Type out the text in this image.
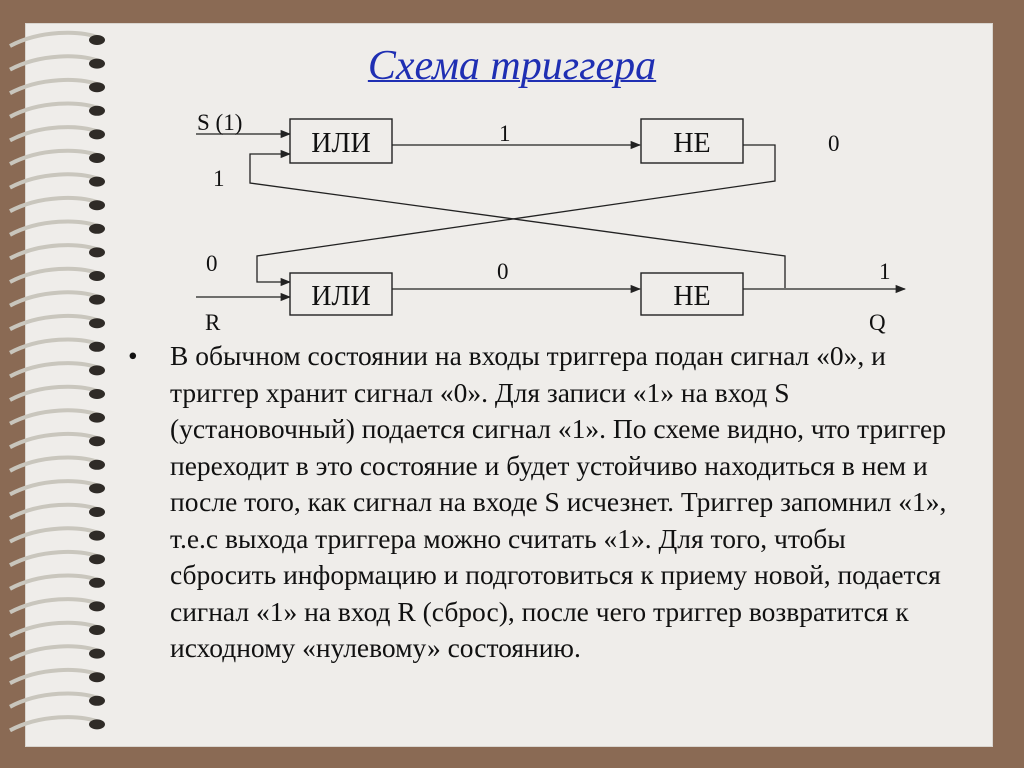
Схема триггера
ИЛИ	НЕ
ИЛИ	НЕ
S (1)
1
1	0
0
R
0	1
Q
•	В обычном состоянии на входы триггера подан сигнал «0», и триггер хранит сигнал «0». Для записи «1» на вход S (установочный) подается сигнал «1». По схеме видно, что триггер переходит в это состояние и будет устойчиво находиться в нем и после того, как сигнал на входе S исчезнет. Триггер запомнил «1», т.е.с выхода триггера можно считать «1». Для того, чтобы сбросить информацию и подготовиться к приему новой, подается сигнал «1» на вход R (сброс), после чего триггер возвратится к исходному «нулевому» состоянию.
